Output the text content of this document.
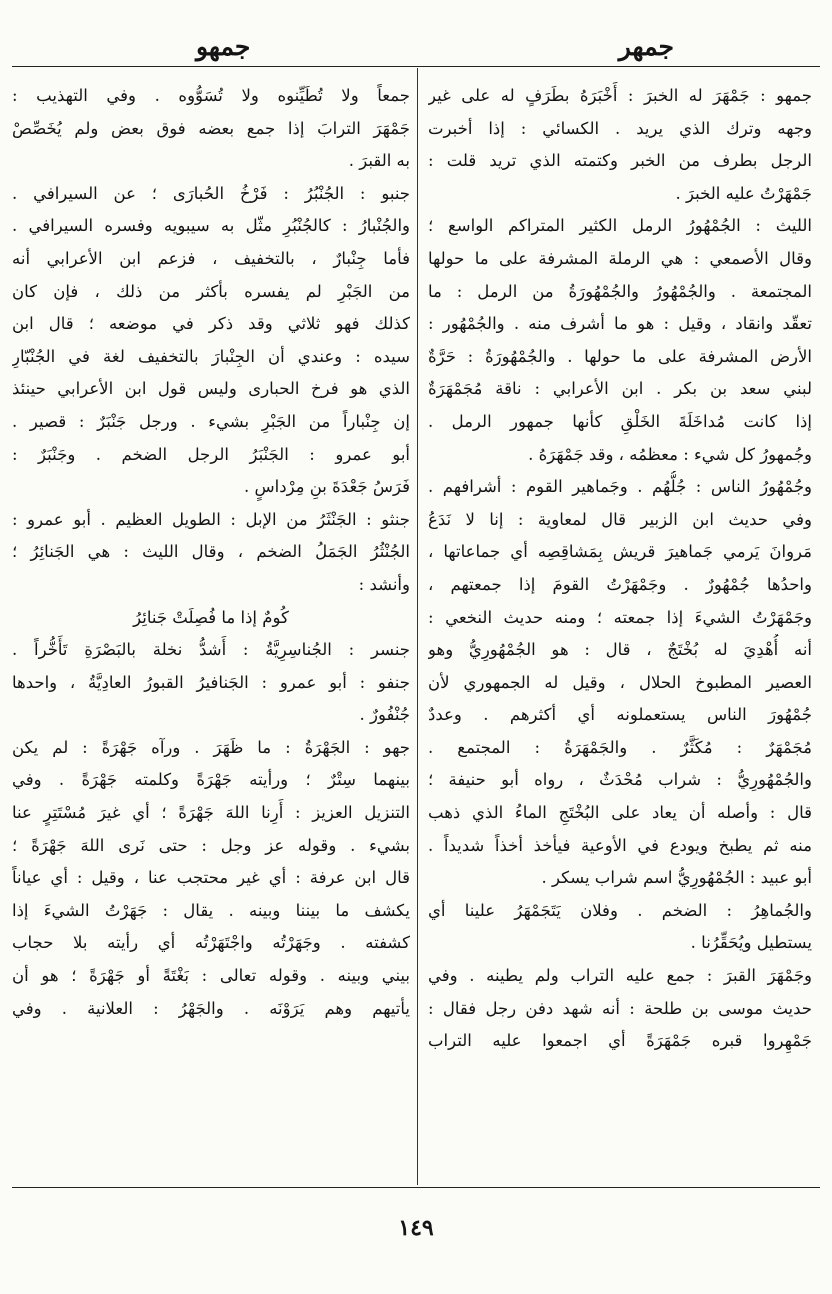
جمهر
جمهو
جمهو : جَمْهَرَ له الخبرَ : أَخْبَرَهُ بطَرَفٍ له على غير
وجهه وترك الذي يريد . الكسائي : إذا أخبرت
الرجل بطرف من الخبر وكتمته الذي تريد قلت :
جَمْهَرْتُ عليه الخبرَ .
الليث : الجُمْهُورُ الرمل الكثير المتراكم الواسع ؛
وقال الأصمعي : هي الرملة المشرفة على ما حولها
المجتمعة . والجُمْهُورُ والجُمْهُورَةُ من الرمل : ما
تعقّد وانقاد ، وقيل : هو ما أشرف منه . والجُمْهُور :
الأرض المشرفة على ما حولها . والجُمْهُورَةُ : حَرَّةٌ
لبني سعد بن بكر . ابن الأعرابي : ناقة مُجَمْهَرَةٌ
إذا كانت مُداخَلَةَ الخَلْقِ كأنها جمهور الرمل .
وجُمهورُ كل شيء : معظمُه ، وقد جَمْهَرَهُ .
وجُمْهُورُ الناس : جُلُّهُم . وجَماهير القوم : أشرافهم .
وفي حديث ابن الزبير قال لمعاوية : إنا لا نَدَعُ
مَروانَ يَرمي جَماهيرَ قريش بِمَشاقِصِه أي جماعاتها ،
واحدُها جُمْهُورٌ . وجَمْهَرْتُ القومَ إذا جمعتهم ،
وجَمْهَرْتُ الشيءَ إذا جمعته ؛ ومنه حديث النخعي :
أنه أُهْدِيَ له بُخْتَجٌ ، قال : هو الجُمْهُورِيُّ وهو
العصير المطبوخ الحلال ، وقيل له الجمهوري لأن
جُمْهُورَ الناس يستعملونه أي أكثرهم . وعددٌ
مُجَمْهَرٌ : مُكَثَّرٌ . والجَمْهَرَةُ : المجتمع .
والجُمْهُورِيُّ : شراب مُحْدَثٌ ، رواه أبو حنيفة ؛
قال : وأصله أن يعاد على البُخْتَجِ الماءُ الذي ذهب
منه ثم يطبخ ويودع في الأوعية فيأخذ أخذاً شديداً .
أبو عبيد : الجُمْهُورِيُّ اسم شراب يسكر .
والجُماهِرُ : الضخم . وفلان يَتَجَمْهَرُ علينا أي
يستطيل ويُحَقِّرُنا .
وجَمْهَرَ القبرَ : جمع عليه التراب ولم يطينه . وفي
حديث موسى بن طلحة : أنه شهد دفن رجل فقال :
جَمْهِروا قبره جَمْهَرَةً أي اجمعوا عليه التراب
جمعاً ولا تُطَيِّنوه ولا تُسَوُّوه . وفي التهذيب :
جَمْهَرَ الترابَ إذا جمع بعضه فوق بعض ولم يُخَصِّصْ
به القبرَ .
جنبو : الجُنْبُرُ : فَرْخُ الحُبارَى ؛ عن السيرافي .
والجُنْبارُ : كالجُنْبُرِ مثّل به سيبويه وفسره السيرافي .
فأما جِنْبارٌ ، بالتخفيف ، فزعم ابن الأعرابي أنه
من الجَبْرِ لم يفسره بأكثر من ذلك ، فإن كان
كذلك فهو ثلاثي وقد ذكر في موضعه ؛ قال ابن
سيده : وعندي أن الجِنْبارَ بالتخفيف لغة في الجُنْبّارِ
الذي هو فرخ الحبارى وليس قول ابن الأعرابي حينئذ
إن جِنْباراً من الجَبْرِ بشيء . ورجل جَنْبَرٌ : قصير .
أبو عمرو : الجَنْبَرُ الرجل الضخم . وجَنْبَرٌ :
فَرَسُ جَعْدَةَ بنِ مِرْداسٍ .
جنثو : الجَنْثَرُ من الإبل : الطويل العظيم . أبو عمرو :
الجُنْثُرُ الجَمَلُ الضخم ، وقال الليث : هي الجَنائِرُ ؛
وأنشد :
كُومٌ إذا ما فُصِلَتْ جَنائِرُ
جنسر : الجُناسِرِيَّةُ : أَشدُّ نخلة بالبَصْرَةِ تَأَخُّراً .
جنفو : أبو عمرو : الجَنافيرُ القبورُ العادِيَّةُ ، واحدها
جُنْفُورٌ .
جهو : الجَهْرَةُ : ما ظَهَرَ . ورآه جَهْرَةً : لم يكن
بينهما سِتْرٌ ؛ ورأيته جَهْرَةً وكلمته جَهْرَةً . وفي
التنزيل العزيز : أَرِنا اللهَ جَهْرَةً ؛ أي غيرَ مُسْتَتِرٍ عنا
بشيء . وقوله عز وجل : حتى نَرى اللهَ جَهْرَةً ؛
قال ابن عرفة : أي غير محتجب عنا ، وقيل : أي عياناً
يكشف ما بيننا وبينه . يقال : جَهَرْتُ الشيءَ إذا
كشفته . وجَهَرْتُه واجْتَهَرْتُه أي رأيته بلا حجاب
بيني وبينه . وقوله تعالى : بَغْتَةً أو جَهْرَةً ؛ هو أن
يأتيهم وهم يَرَوْنَه . والجَهْرُ : العلانية . وفي
١٤٩
